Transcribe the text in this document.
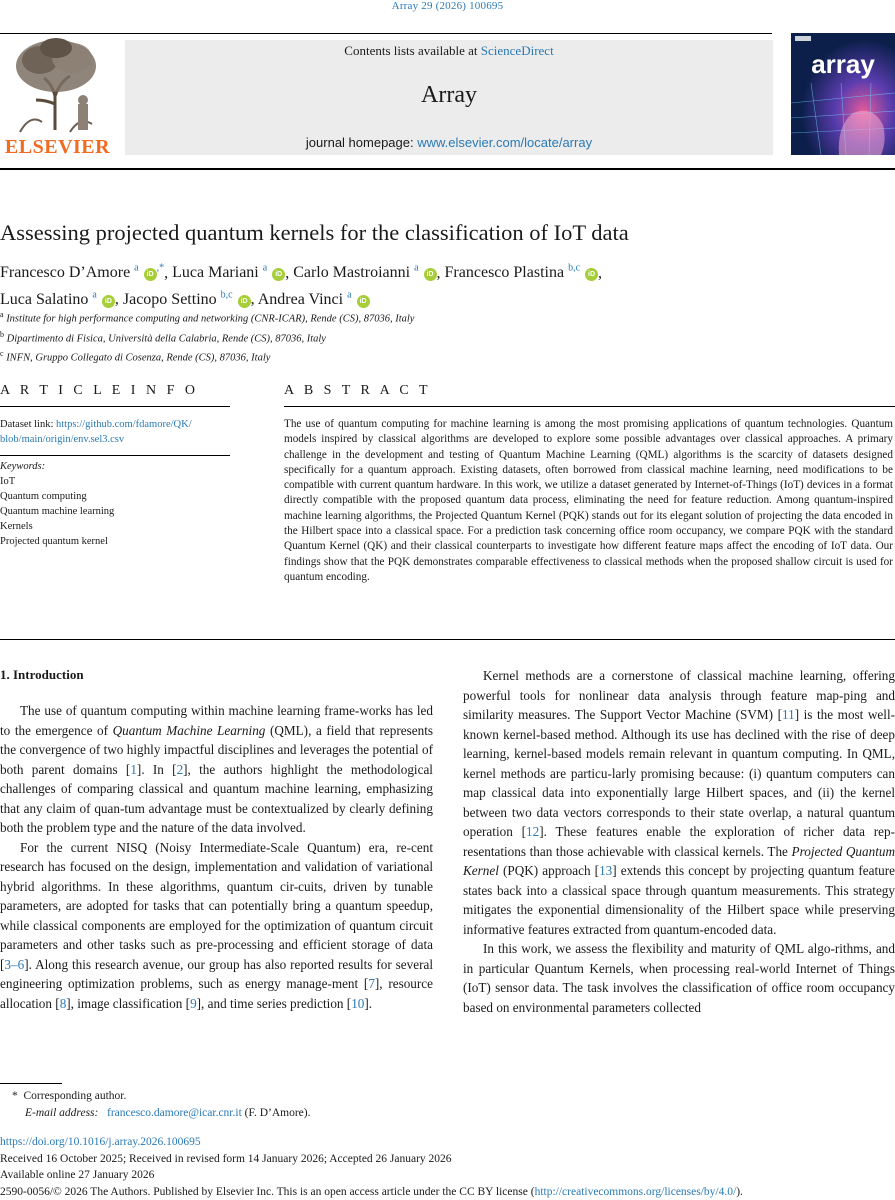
Array 29 (2026) 100695
ELSEVIER
Contents lists available at ScienceDirect
Array
journal homepage: www.elsevier.com/locate/array
array
Assessing projected quantum kernels for the classification of IoT data
Francesco D’Amore $^a$ iD,*, Luca Mariani $^a$ iD , Carlo Mastroianni $^a$ iD , Francesco Plastina $^{b,c}$ iD ,
Luca Salatino $^a$ iD , Jacopo Settino $^{b,c}$ iD , Andrea Vinci $^a$ iD
$^a$ Institute for high performance computing and networking (CNR-ICAR), Rende (CS), 87036, Italy
$^b$ Dipartimento di Fisica, Università della Calabria, Rende (CS), 87036, Italy
$^c$ INFN, Gruppo Collegato di Cosenza, Rende (CS), 87036, Italy
A R T I C L E I N F O	A B S T R A C T
Dataset link: https://github.com/fdamore/QK/
blob/main/origin/env.sel3.csv
Keywords:
IoT
Quantum computing
Quantum machine learning
Kernels
Projected quantum kernel
The use of quantum computing for machine learning is among the most promising applications of quantum technologies. Quantum models inspired by classical algorithms are developed to explore some possible advantages over classical approaches. A primary challenge in the development and testing of Quantum Machine Learning (QML) algorithms is the scarcity of datasets designed specifically for a quantum approach. Existing datasets, often borrowed from classical machine learning, need modifications to be compatible with current quantum hardware. In this work, we utilize a dataset generated by Internet-of-Things (IoT) devices in a format directly compatible with the proposed quantum data process, eliminating the need for feature reduction. Among quantum-inspired machine learning algorithms, the Projected Quantum Kernel (PQK) stands out for its elegant solution of projecting the data encoded in the Hilbert space into a classical space. For a prediction task concerning office room occupancy, we compare PQK with the standard Quantum Kernel (QK) and their classical counterparts to investigate how different feature maps affect the encoding of IoT data. Our findings show that the PQK demonstrates comparable effectiveness to classical methods when the proposed shallow circuit is used for quantum encoding.
1. Introduction

The use of quantum computing within machine learning frame-works has led to the emergence of Quantum Machine Learning (QML), a field that represents the convergence of two highly impactful disciplines and leverages the potential of both parent domains [1]. In [2], the authors highlight the methodological challenges of comparing classical and quantum machine learning, emphasizing that any claim of quan-tum advantage must be contextualized by clearly defining both the problem type and the nature of the data involved.

For the current NISQ (Noisy Intermediate-Scale Quantum) era, re-cent research has focused on the design, implementation and validation of variational hybrid algorithms. In these algorithms, quantum cir-cuits, driven by tunable parameters, are adopted for tasks that can potentially bring a quantum speedup, while classical components are employed for the optimization of quantum circuit parameters and other tasks such as pre-processing and efficient storage of data [3–6]. Along this research avenue, our group has also reported results for several engineering optimization problems, such as energy manage-ment [7], resource allocation [8], image classification [9], and time series prediction [10].

Kernel methods are a cornerstone of classical machine learning, offering powerful tools for nonlinear data analysis through feature map-ping and similarity measures. The Support Vector Machine (SVM) [11] is the most well-known kernel-based method. Although its use has declined with the rise of deep learning, kernel-based models remain relevant in quantum computing. In QML, kernel methods are particu-larly promising because: (i) quantum computers can map classical data into exponentially large Hilbert spaces, and (ii) the kernel between two data vectors corresponds to their state overlap, a natural quantum operation [12]. These features enable the exploration of richer data rep-resentations than those achievable with classical kernels. The Projected Quantum Kernel (PQK) approach [13] extends this concept by projecting quantum feature states back into a classical space through quantum measurements. This strategy mitigates the exponential dimensionality of the Hilbert space while preserving informative features extracted from quantum-encoded data.

In this work, we assess the flexibility and maturity of QML algo-rithms, and in particular Quantum Kernels, when processing real-world Internet of Things (IoT) sensor data. The task involves the classification of office room occupancy based on environmental parameters collected

* Corresponding author.
E-mail address: francesco.damore@icar.cnr.it (F. D’Amore).
https://doi.org/10.1016/j.array.2026.100695
Received 16 October 2025; Received in revised form 14 January 2026; Accepted 26 January 2026
Available online 27 January 2026
2590-0056/© 2026 The Authors. Published by Elsevier Inc. This is an open access article under the CC BY license (http://creativecommons.org/licenses/by/4.0/).
